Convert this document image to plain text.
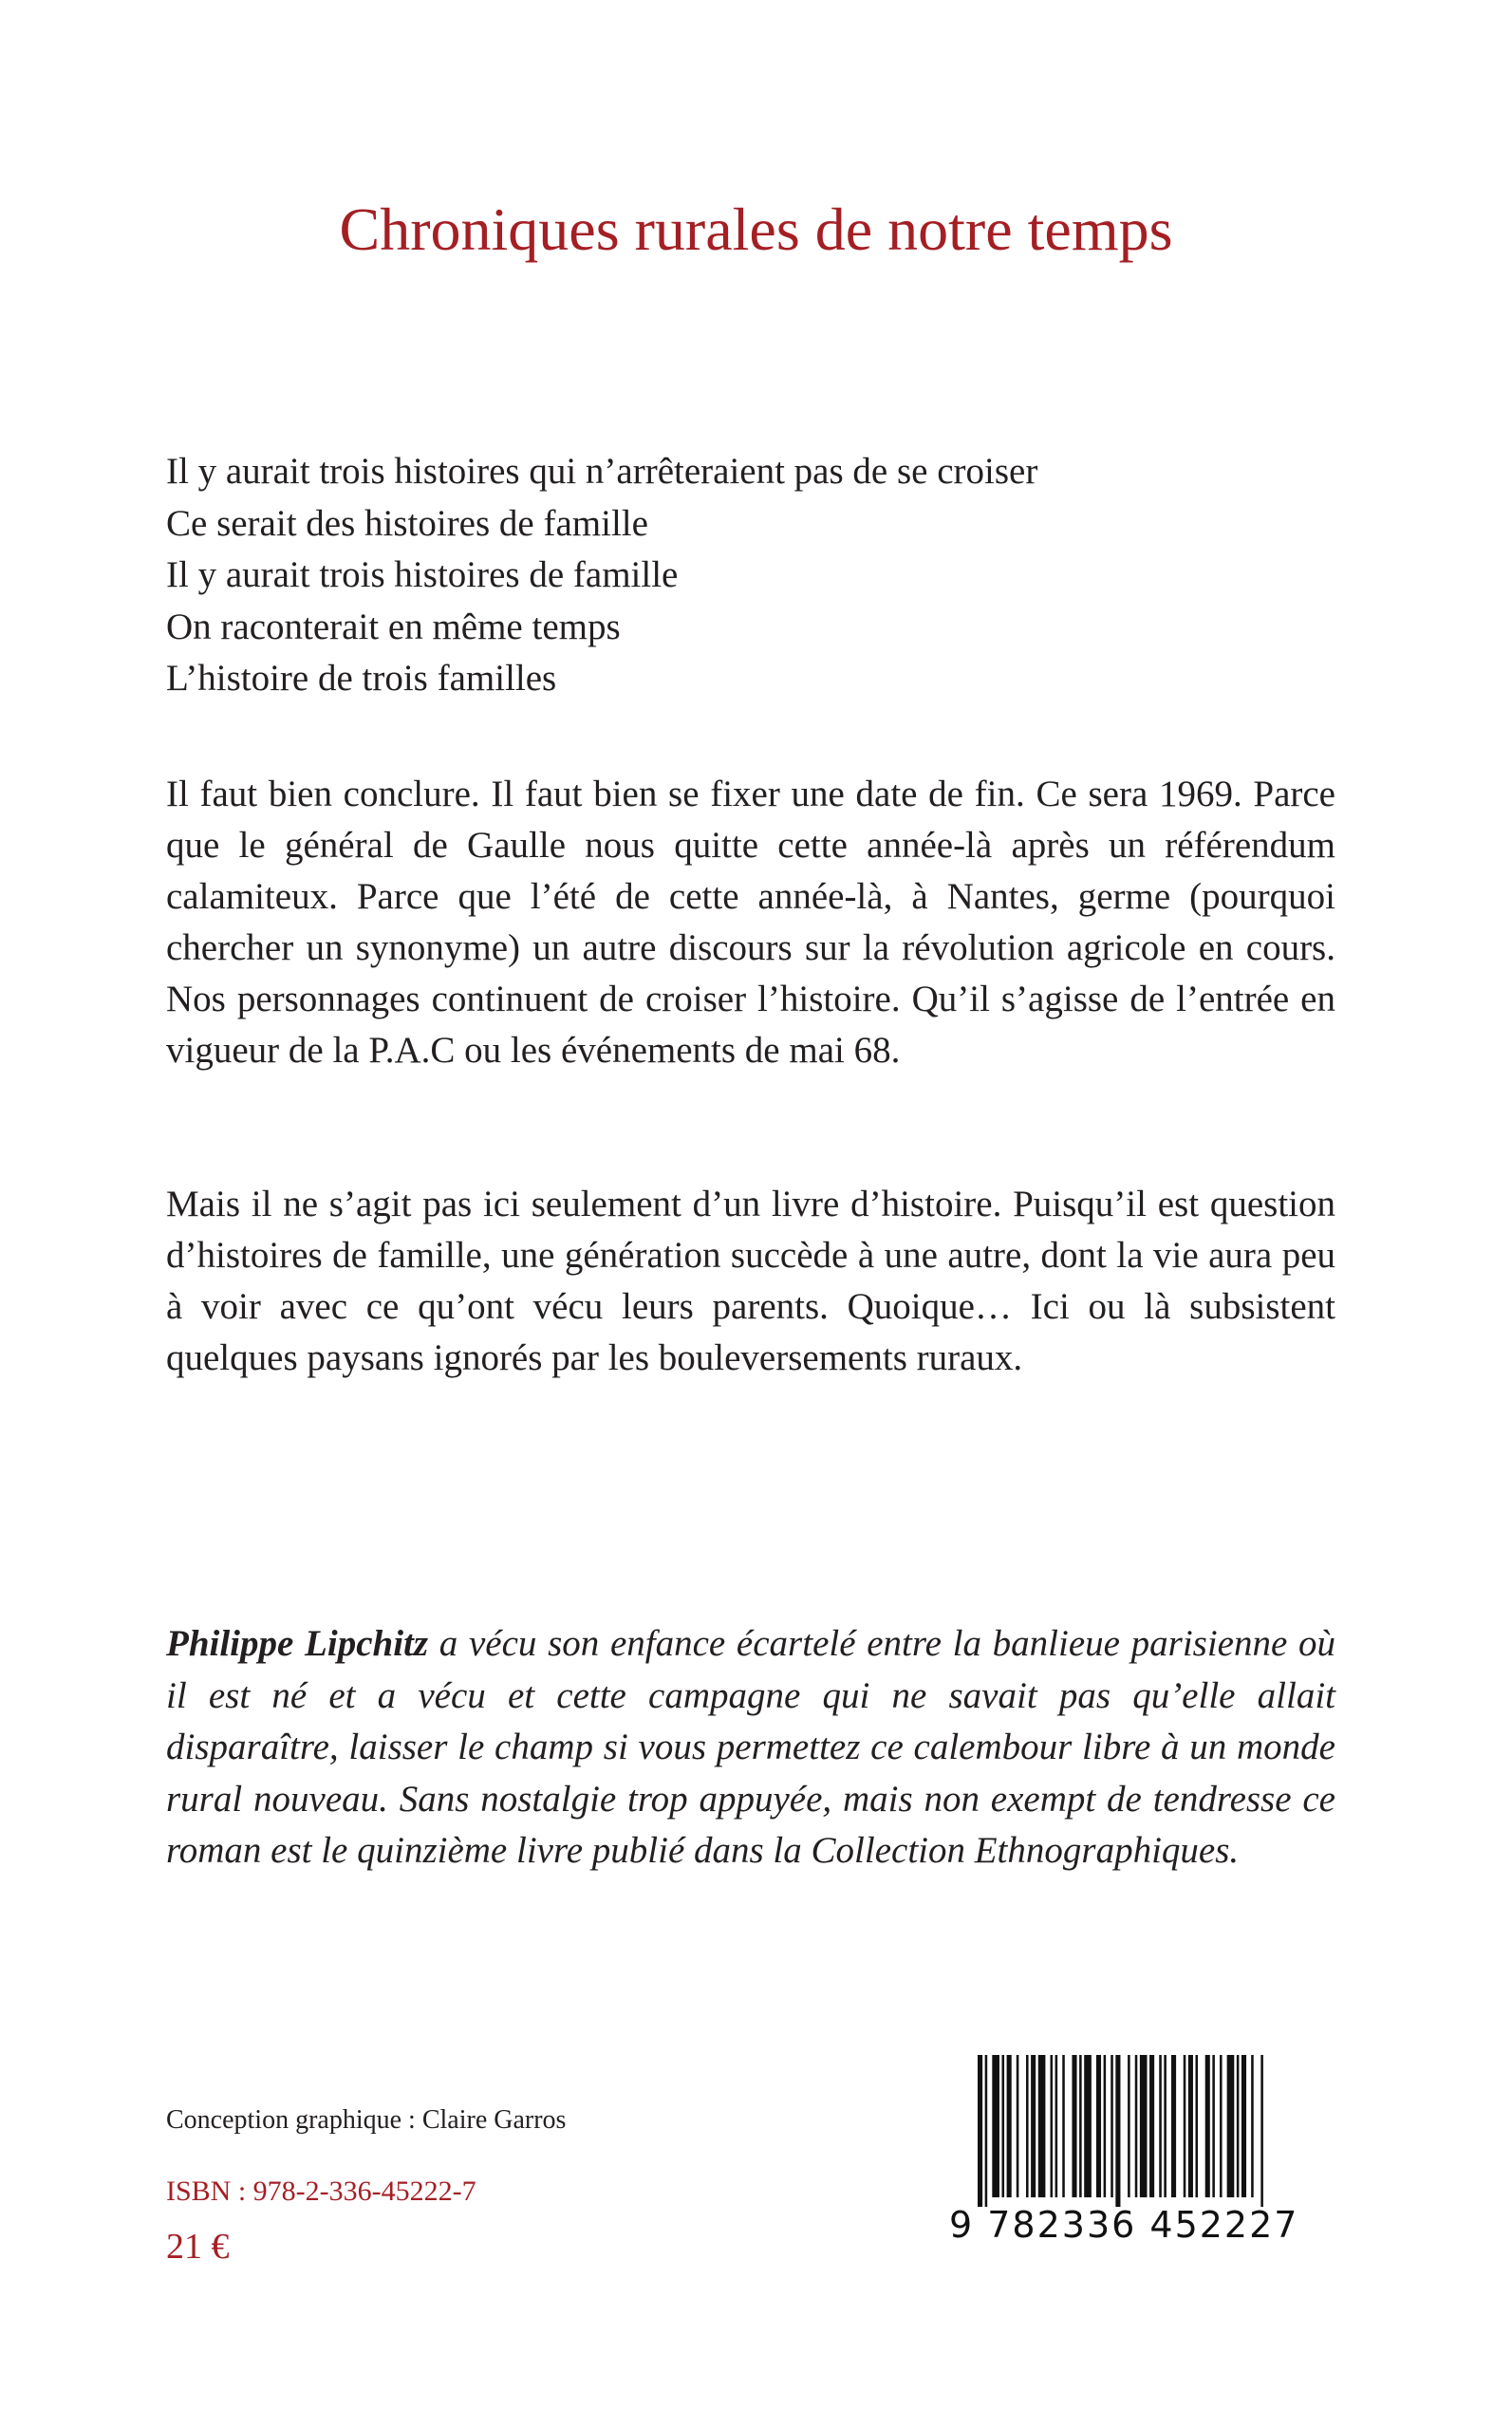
Chroniques rurales de notre temps
Il y aurait trois histoires qui n’arrêteraient pas de se croiser
Ce serait des histoires de famille
Il y aurait trois histoires de famille
On raconterait en même temps
L’histoire de trois familles

Il faut bien conclure. Il faut bien se fixer une date de fin. Ce sera 1969. Parce que le général de Gaulle nous quitte cette année-là après un référendum calamiteux. Parce que l’été de cette année-là, à Nantes, germe (pourquoi chercher un synonyme) un autre discours sur la révolution agricole en cours. Nos personnages continuent de croiser l’histoire. Qu’il s’agisse de l’entrée en vigueur de la P.A.C ou les événements de mai 68.

Mais il ne s’agit pas ici seulement d’un livre d’histoire. Puisqu’il est question d’histoires de famille, une génération succède à une autre, dont la vie aura peu à voir avec ce qu’ont vécu leurs parents. Quoique… Ici ou là subsistent quelques paysans ignorés par les bouleversements ruraux.

Philippe Lipchitz a vécu son enfance écartelé entre la banlieue parisienne où il est né et a vécu et cette campagne qui ne savait pas qu’elle allait disparaître, laisser le champ si vous permettez ce calembour libre à un monde rural nouveau. Sans nostalgie trop appuyée, mais non exempt de tendresse ce roman est le quinzième livre publié dans la Collection Ethnographiques.

Conception graphique : Claire Garros
ISBN : 978-2-336-45222-7
21 €
9 782336 452227
